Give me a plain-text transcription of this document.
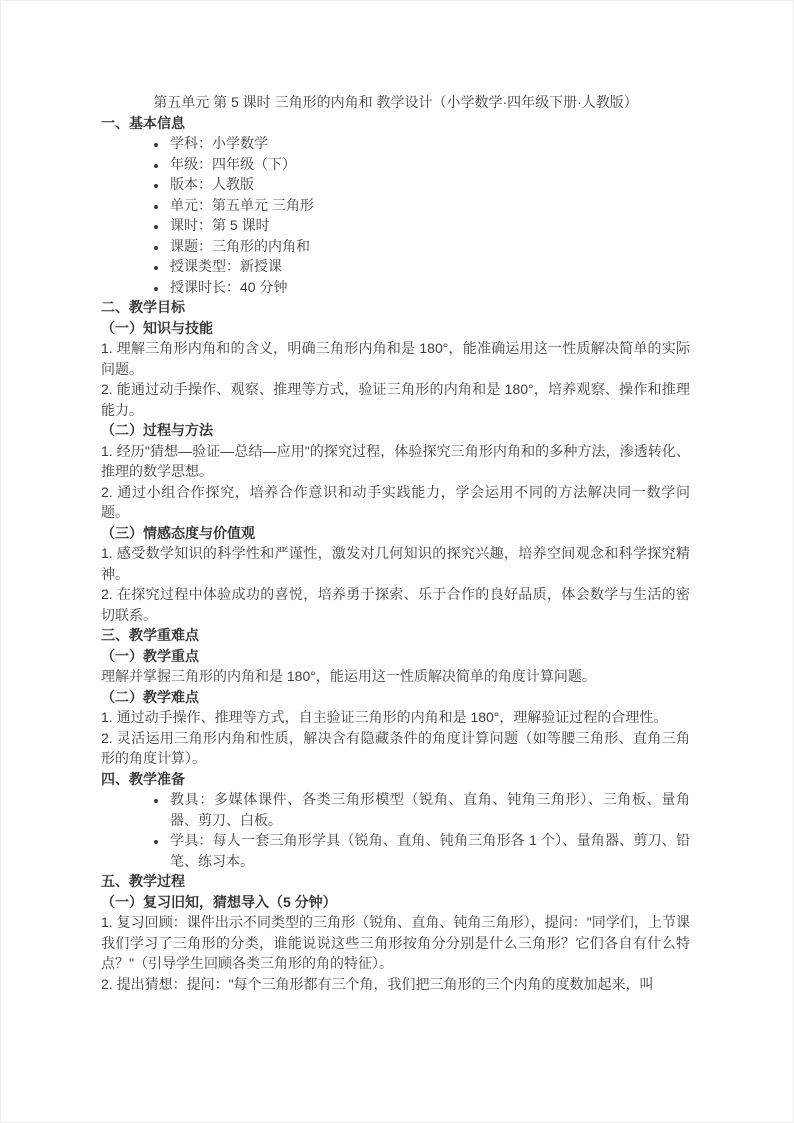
第五单元 第 5 课时 三角形的内角和 教学设计（小学数学·四年级下册·人教版）

一、基本信息

• 学科：小学数学
• 年级：四年级（下）
• 版本：人教版
• 单元：第五单元 三角形
• 课时：第 5 课时
• 课题：三角形的内角和
• 授课类型：新授课
• 授课时长：40 分钟

二、教学目标

（一）知识与技能

1. 理解三角形内角和的含义，明确三角形内角和是 180°，能准确运用这一性质解决简单的实际问题。

2. 能通过动手操作、观察、推理等方式，验证三角形的内角和是 180°，培养观察、操作和推理能力。

（二）过程与方法

1. 经历"猜想—验证—总结—应用"的探究过程，体验探究三角形内角和的多种方法，渗透转化、推理的数学思想。

2. 通过小组合作探究，培养合作意识和动手实践能力，学会运用不同的方法解决同一数学问题。

（三）情感态度与价值观

1. 感受数学知识的科学性和严谨性，激发对几何知识的探究兴趣，培养空间观念和科学探究精神。

2. 在探究过程中体验成功的喜悦，培养勇于探索、乐于合作的良好品质，体会数学与生活的密切联系。

三、教学重难点

（一）教学重点

理解并掌握三角形的内角和是 180°，能运用这一性质解决简单的角度计算问题。

（二）教学难点

1. 通过动手操作、推理等方式，自主验证三角形的内角和是 180°，理解验证过程的合理性。

2. 灵活运用三角形内角和性质，解决含有隐藏条件的角度计算问题（如等腰三角形、直角三角形的角度计算）。

四、教学准备

• 教具：多媒体课件、各类三角形模型（锐角、直角、钝角三角形）、三角板、量角器、剪刀、白板。
• 学具：每人一套三角形学具（锐角、直角、钝角三角形各 1 个）、量角器、剪刀、铅笔、练习本。

五、教学过程

（一）复习旧知，猜想导入（5 分钟）

1. 复习回顾：课件出示不同类型的三角形（锐角、直角、钝角三角形），提问："同学们，上节课我们学习了三角形的分类，谁能说说这些三角形按角分分别是什么三角形？它们各自有什么特点？"（引导学生回顾各类三角形的角的特征）。

2. 提出猜想：提问："每个三角形都有三个角，我们把三角形的三个内角的度数加起来，叫
